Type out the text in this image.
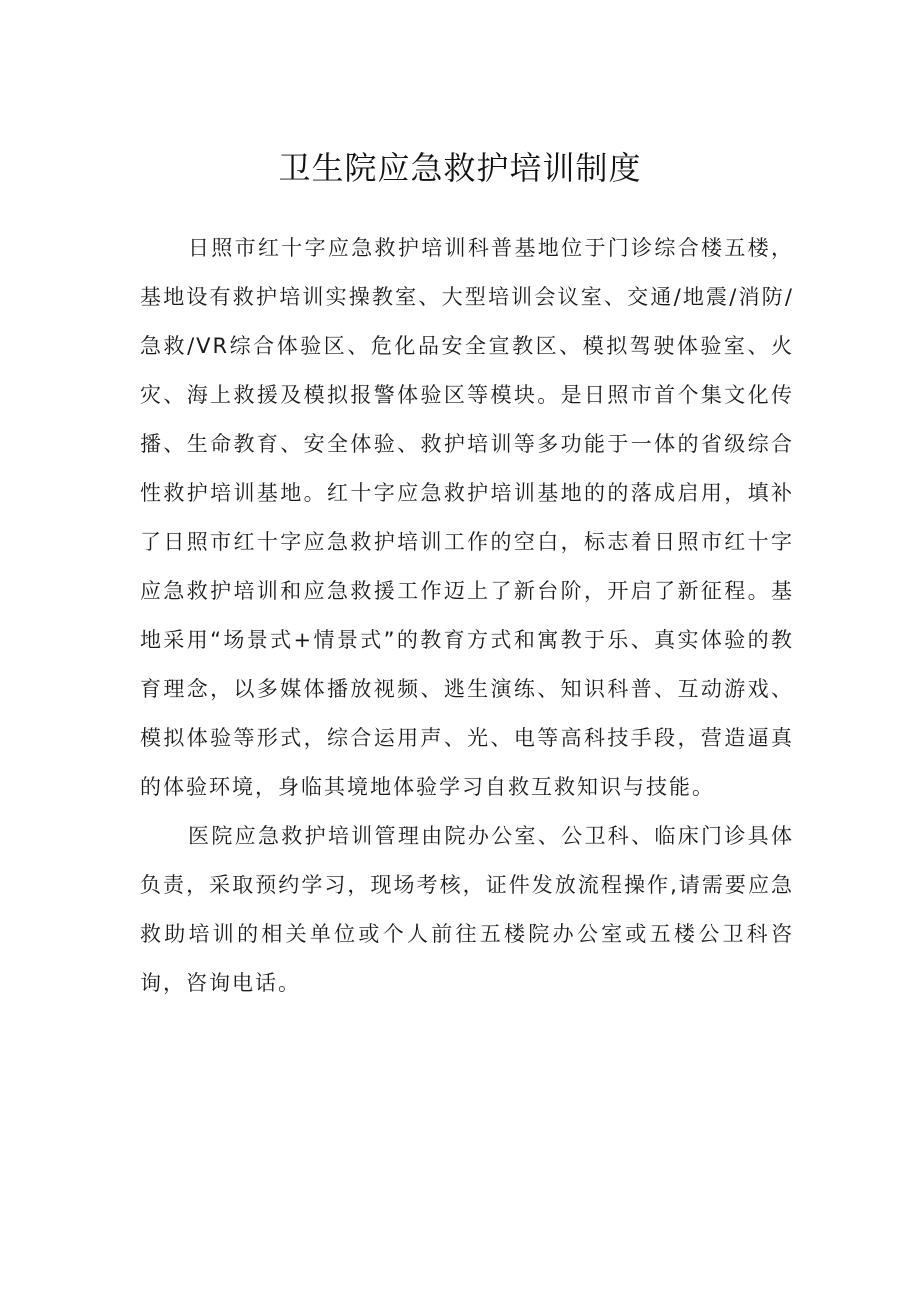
卫生院应急救护培训制度

日照市红十字应急救护培训科普基地位于门诊综合楼五楼，基地设有救护培训实操教室、大型培训会议室、交通/地震/消防/急救/VR综合体验区、危化品安全宣教区、模拟驾驶体验室、火灾、海上救援及模拟报警体验区等模块。是日照市首个集文化传播、生命教育、安全体验、救护培训等多功能于一体的省级综合性救护培训基地。红十字应急救护培训基地的的落成启用，填补了日照市红十字应急救护培训工作的空白，标志着日照市红十字应急救护培训和应急救援工作迈上了新台阶，开启了新征程。基地采用“场景式+情景式”的教育方式和寓教于乐、真实体验的教育理念，以多媒体播放视频、逃生演练、知识科普、互动游戏、模拟体验等形式，综合运用声、光、电等高科技手段，营造逼真的体验环境，身临其境地体验学习自救互救知识与技能。

医院应急救护培训管理由院办公室、公卫科、临床门诊具体负责，采取预约学习，现场考核，证件发放流程操作,请需要应急救助培训的相关单位或个人前往五楼院办公室或五楼公卫科咨询，咨询电话。
